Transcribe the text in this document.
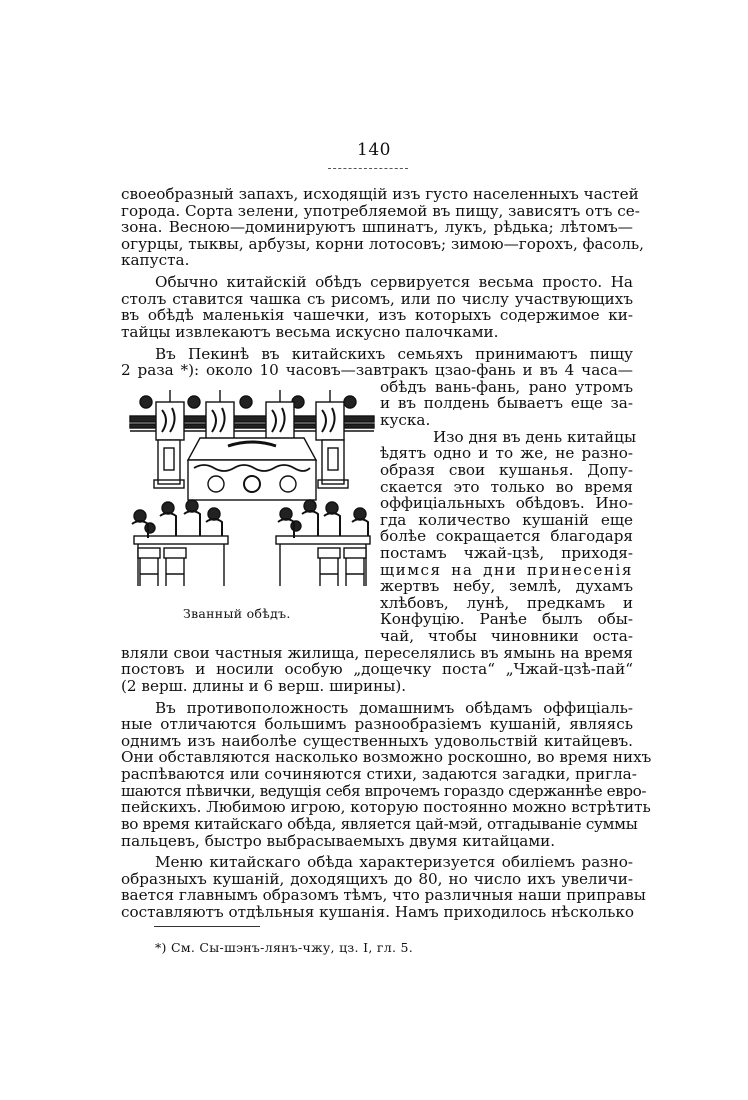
140
своеобразный запахъ, исходящій изъ густо населенныхъ частей
города. Сорта зелени, употребляемой въ пищу, зависятъ отъ се-
зона. Весною—доминируютъ шпинатъ, лукъ, рѣдька; лѣтомъ—
огурцы, тыквы, арбузы, корни лотосовъ; зимою—горохъ, фасоль,
капуста.
Обычно китайскій обѣдъ сервируется весьма просто. На
столъ ставится чашка съ рисомъ, или по числу участвующихъ
въ обѣдѣ маленькія чашечки, изъ которыхъ содержимое ки-
тайцы извлекаютъ весьма искусно палочками.
Въ Пекинѣ въ китайскихъ семьяхъ принимаютъ пищу
2 раза *): около 10 часовъ—завтракъ цзао-фань и въ 4 часа—
обѣдъ вань-фань, рано утромъ
и въ полдень бываетъ еще за-
куска.
Изо дня въ день китайцы
ѣдятъ одно и то же, не разно-
образя свои кушанья. Допу-
скается это только во время
оффиціальныхъ обѣдовъ. Ино-
гда количество кушаній еще
болѣе сокращается благодаря
постамъ чжай-цзѣ, приходя-
щимся на дни принесенія
жертвъ небу, землѣ, духамъ
хлѣбовъ, лунѣ, предкамъ и
Конфуцію. Ранѣе былъ обы-
чай, чтобы чиновники оста-
вляли свои частныя жилища, переселялись въ ямынь на время
постовъ и носили особую „дощечку поста“ „Чжай-цзѣ-пай“
(2 верш. длины и 6 верш. ширины).
Въ противоположность домашнимъ обѣдамъ оффиціаль-
ные отличаются большимъ разнообразіемъ кушаній, являясь
однимъ изъ наиболѣе существенныхъ удовольствій китайцевъ.
Они обставляются насколько возможно роскошно, во время нихъ
распѣваются или сочиняются стихи, задаются загадки, пригла-
шаются пѣвички, ведущія себя впрочемъ гораздо сдержаннѣе евро-
пейскихъ. Любимою игрою, которую постоянно можно встрѣтить
во время китайскаго обѣда, является цай-мэй, отгадываніе суммы
пальцевъ, быстро выбрасываемыхъ двумя китайцами.
Меню китайскаго обѣда характеризуется обиліемъ разно-
образныхъ кушаній, доходящихъ до 80, но число ихъ увеличи-
вается главнымъ образомъ тѣмъ, что различныя наши приправы
составляютъ отдѣльныя кушанія. Намъ приходилось нѣсколько
Званный обѣдъ.
*) См. Сы-шэнъ-лянъ-чжу, цз. I, гл. 5.
